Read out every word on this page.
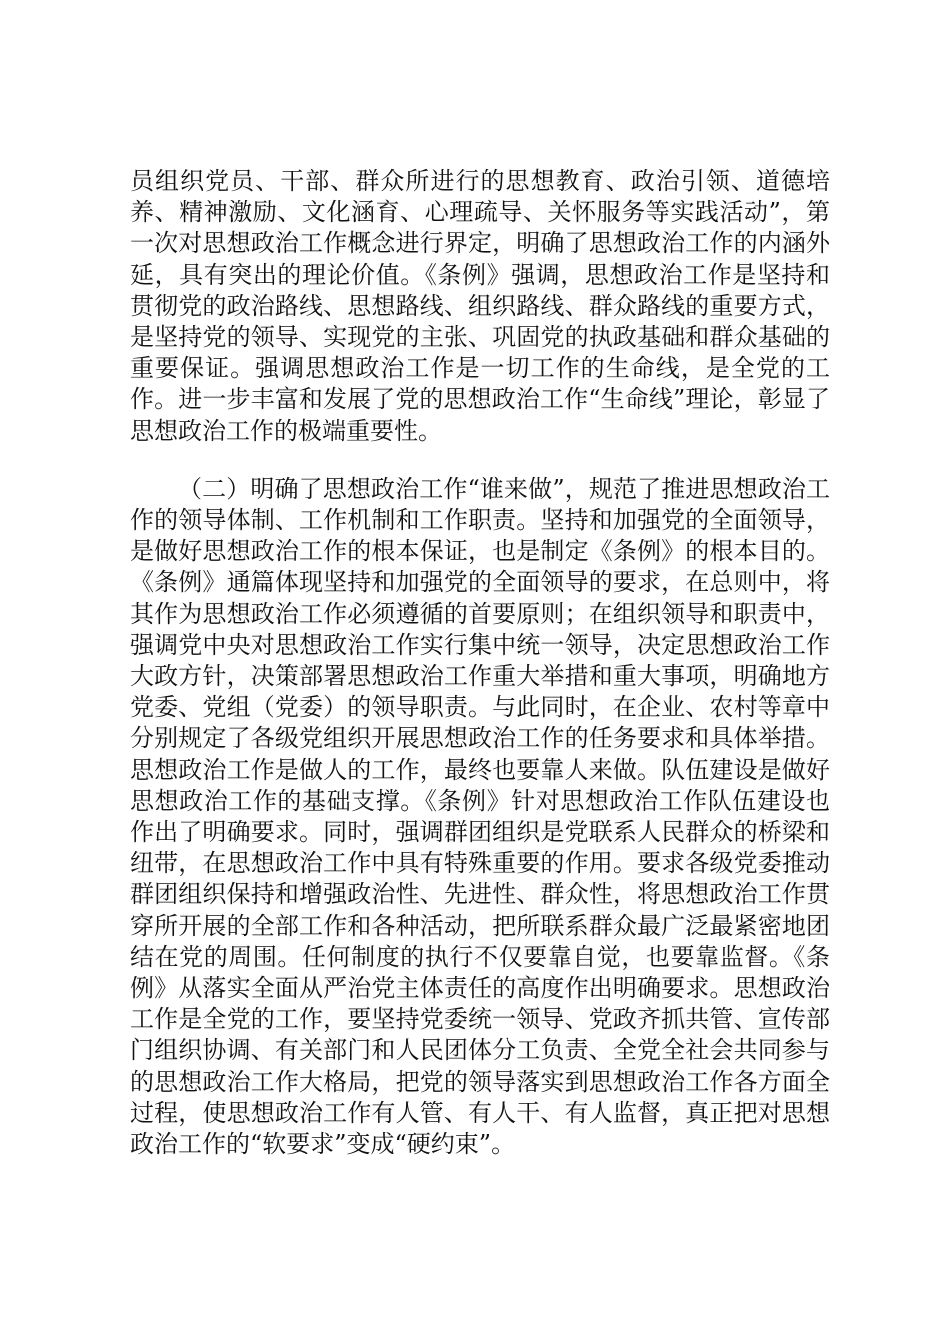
员组织党员、干部、群众所进行的思想教育、政治引领、道德培养、精神激励、文化涵育、心理疏导、关怀服务等实践活动”，第一次对思想政治工作概念进行界定，明确了思想政治工作的内涵外延，具有突出的理论价值。《条例》强调，思想政治工作是坚持和贯彻党的政治路线、思想路线、组织路线、群众路线的重要方式，是坚持党的领导、实现党的主张、巩固党的执政基础和群众基础的重要保证。强调思想政治工作是一切工作的生命线，是全党的工作。进一步丰富和发展了党的思想政治工作“生命线”理论，彰显了思想政治工作的极端重要性。

（二）明确了思想政治工作“谁来做”，规范了推进思想政治工作的领导体制、工作机制和工作职责。坚持和加强党的全面领导，是做好思想政治工作的根本保证，也是制定《条例》的根本目的。《条例》通篇体现坚持和加强党的全面领导的要求，在总则中，将其作为思想政治工作必须遵循的首要原则；在组织领导和职责中，强调党中央对思想政治工作实行集中统一领导，决定思想政治工作大政方针，决策部署思想政治工作重大举措和重大事项，明确地方党委、党组（党委）的领导职责。与此同时，在企业、农村等章中分别规定了各级党组织开展思想政治工作的任务要求和具体举措。思想政治工作是做人的工作，最终也要靠人来做。队伍建设是做好思想政治工作的基础支撑。《条例》针对思想政治工作队伍建设也作出了明确要求。同时，强调群团组织是党联系人民群众的桥梁和纽带，在思想政治工作中具有特殊重要的作用。要求各级党委推动群团组织保持和增强政治性、先进性、群众性，将思想政治工作贯穿所开展的全部工作和各种活动，把所联系群众最广泛最紧密地团结在党的周围。任何制度的执行不仅要靠自觉，也要靠监督。《条例》从落实全面从严治党主体责任的高度作出明确要求。思想政治工作是全党的工作，要坚持党委统一领导、党政齐抓共管、宣传部门组织协调、有关部门和人民团体分工负责、全党全社会共同参与的思想政治工作大格局，把党的领导落实到思想政治工作各方面全过程，使思想政治工作有人管、有人干、有人监督，真正把对思想政治工作的“软要求”变成“硬约束”。
